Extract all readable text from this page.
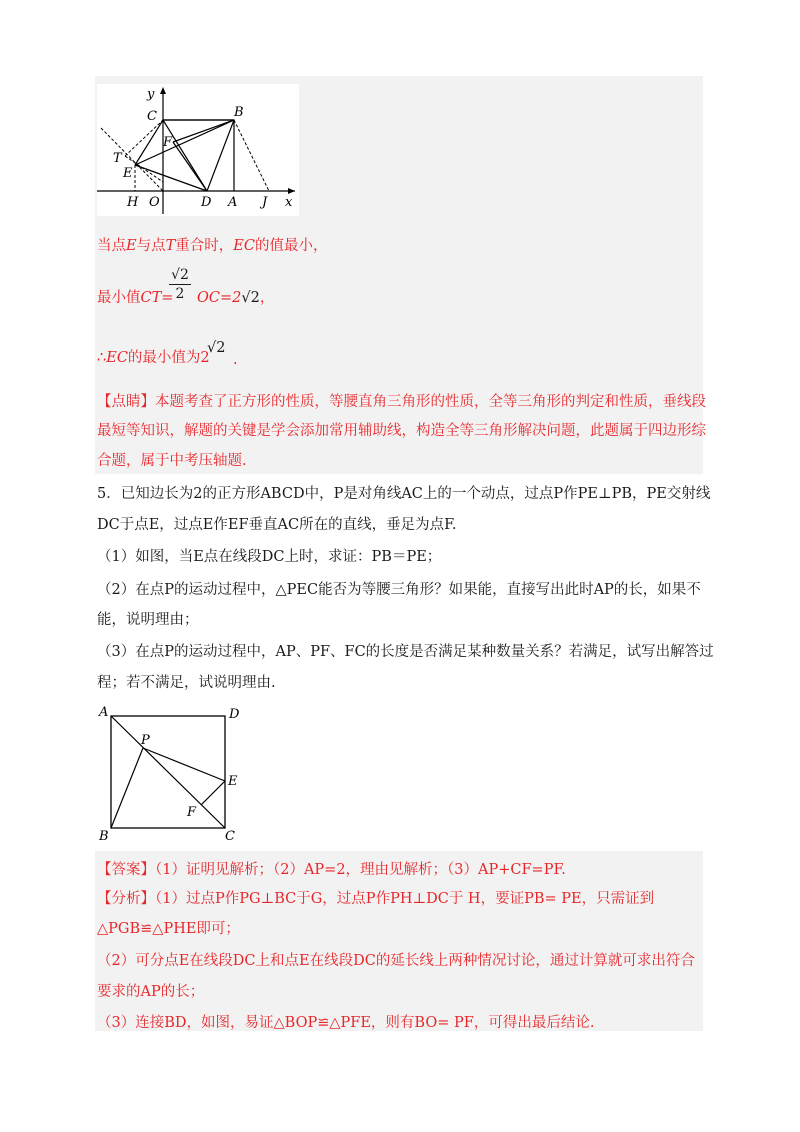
y
C	B
F
T
E
H O	D A J x
当点E与点T重合时，EC的值最小，
最小值CT=
$\frac{√2}{2} OC=2√2$，
∴EC的最小值为2
√2
.
【点睛】本题考查了正方形的性质，等腰直角三角形的性质，全等三角形的判定和性质，垂线段
最短等知识，解题的关键是学会添加常用辅助线，构造全等三角形解决问题，此题属于四边形综
合题，属于中考压轴题.
5．已知边长为2的正方形ABCD中，P是对角线AC上的一个动点，过点P作PE⊥PB，PE交射线
DC于点E，过点E作EF垂直AC所在的直线，垂足为点F.
（1）如图，当E点在线段DC上时，求证：PB＝PE；
（2）在点P的运动过程中，△PEC能否为等腰三角形？如果能，直接写出此时AP的长，如果不
能，说明理由；
（3）在点P的运动过程中，AP、PF、FC的长度是否满足某种数量关系？若满足，试写出解答过
程；若不满足，试说明理由.
A	D
P
E
F
B	C
【答案】（1）证明见解析；（2）AP=2，理由见解析；（3）AP+CF=PF.
【分析】（1）过点P作PG⊥BC于G，过点P作PH⊥DC于 H，要证PB= PE，只需证到
△PGB≌△PHE即可；
（2）可分点E在线段DC上和点E在线段DC的延长线上两种情况讨论，通过计算就可求出符合
要求的AP的长；
（3）连接BD，如图，易证△BOP≌△PFE，则有BO= PF，可得出最后结论.
